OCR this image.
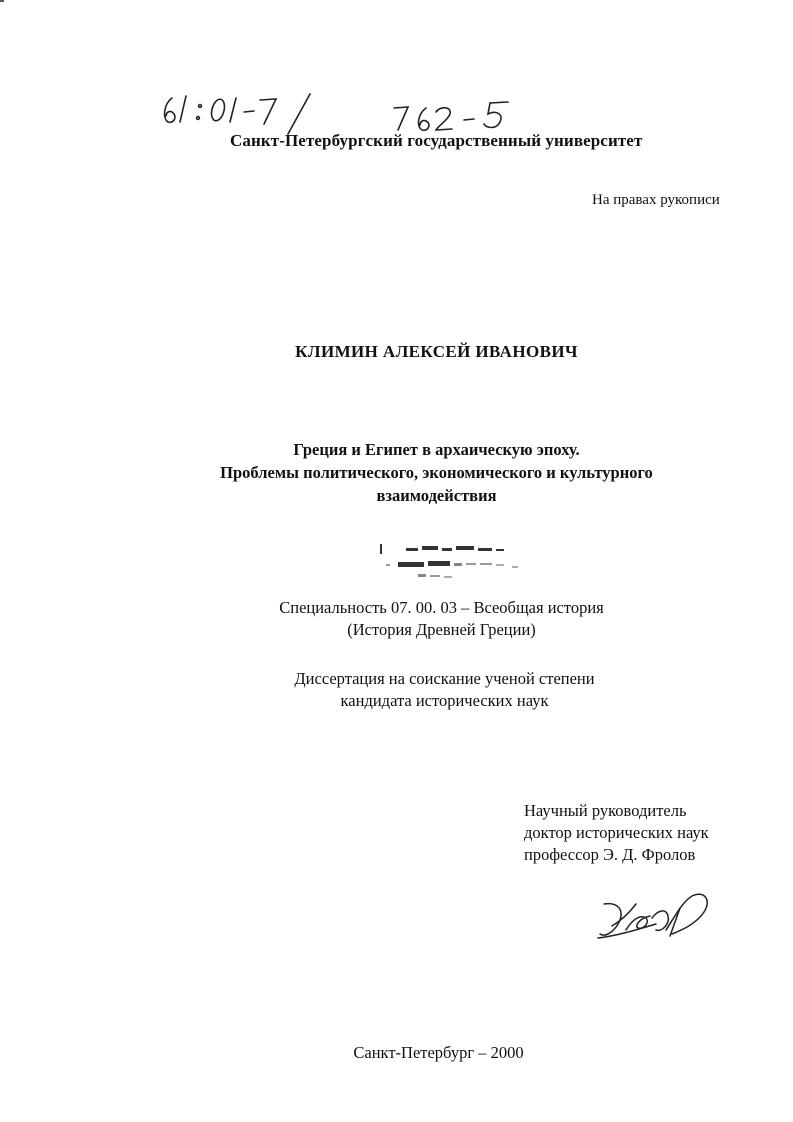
Санкт-Петербургский государственный университет
На правах рукописи
КЛИМИН АЛЕКСЕЙ ИВАНОВИЧ
Греция и Египет в архаическую эпоху.
Проблемы политического, экономического и культурного
взаимодействия
Специальность 07. 00. 03 – Всеобщая история
(История Древней Греции)
Диссертация на соискание ученой степени
кандидата исторических наук
Научный руководитель
доктор исторических наук
профессор Э. Д. Фролов
Санкт-Петербург – 2000
